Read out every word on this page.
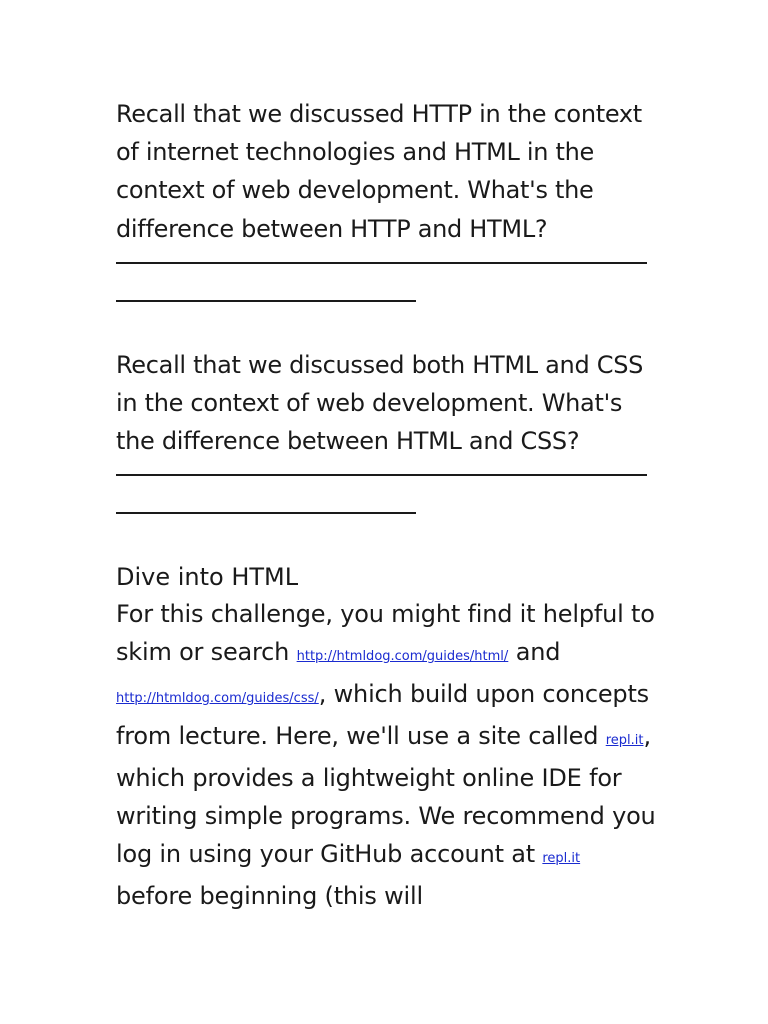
Recall that we discussed HTTP in the context of internet technologies and HTML in the context of web development. What's the difference between HTTP and HTML?

Recall that we discussed both HTML and CSS in the context of web development. What's the difference between HTML and CSS?

Dive into HTML

For this challenge, you might find it helpful to skim or search http://htmldog.com/guides/html/ and
http://htmldog.com/guides/css/, which build upon concepts from lecture. Here, we'll use a site called repl.it, which provides a lightweight online IDE for writing simple programs. We recommend you log in using your GitHub account at repl.it before beginning (this will
